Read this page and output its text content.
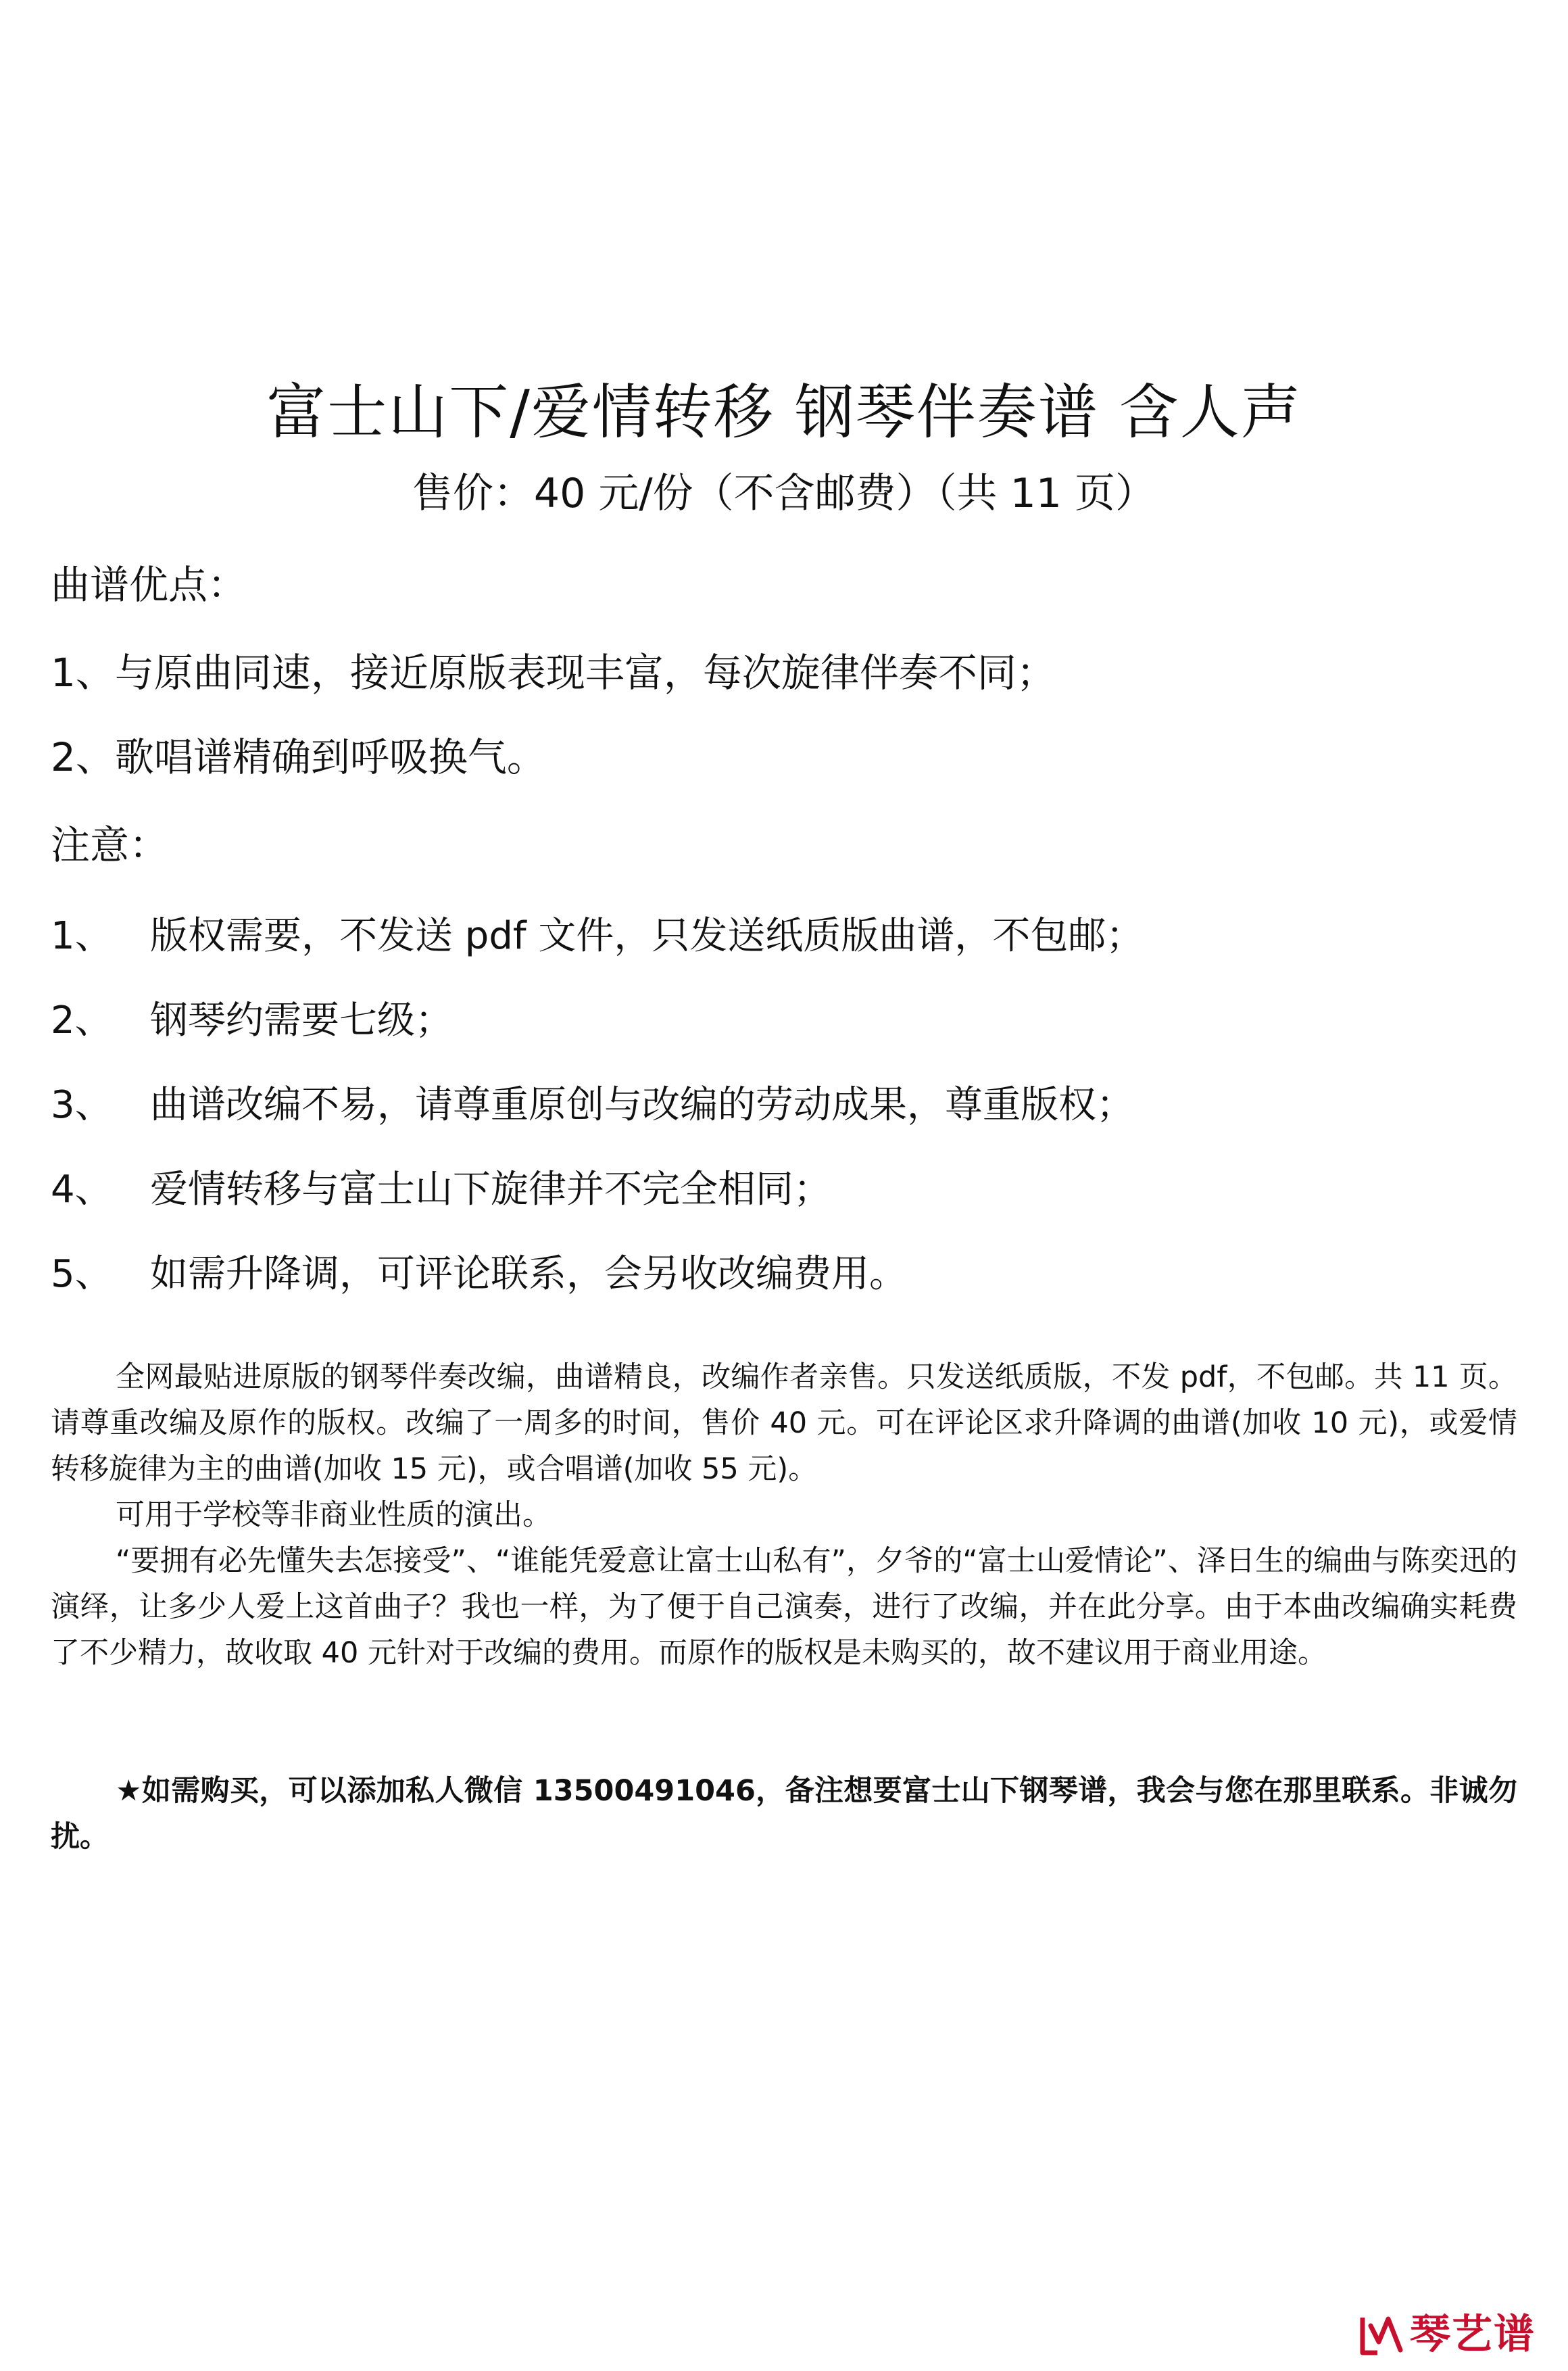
富士山下/爱情转移 钢琴伴奏谱 含人声

售价：40 元/份（不含邮费）（共 11 页）

曲谱优点：

1、与原曲同速，接近原版表现丰富，每次旋律伴奏不同；

2、歌唱谱精确到呼吸换气。

注意：

1、 版权需要，不发送 pdf 文件，只发送纸质版曲谱，不包邮；
2、 钢琴约需要七级；
3、 曲谱改编不易，请尊重原创与改编的劳动成果，尊重版权；
4、 爱情转移与富士山下旋律并不完全相同；
5、 如需升降调，可评论联系，会另收改编费用。

全网最贴进原版的钢琴伴奏改编，曲谱精良，改编作者亲售。只发送纸质版，不发 pdf，不包邮。共 11 页。请尊重改编及原作的版权。改编了一周多的时间，售价 40 元。可在评论区求升降调的曲谱(加收 10 元)，或爱情转移旋律为主的曲谱(加收 15 元)，或合唱谱(加收 55 元)。

可用于学校等非商业性质的演出。

“要拥有必先懂失去怎接受”、“谁能凭爱意让富士山私有”，夕爷的“富士山爱情论”、泽日生的编曲与陈奕迅的演绎，让多少人爱上这首曲子？我也一样，为了便于自己演奏，进行了改编，并在此分享。由于本曲改编确实耗费了不少精力，故收取 40 元针对于改编的费用。而原作的版权是未购买的，故不建议用于商业用途。

★如需购买，可以添加私人微信 13500491046，备注想要富士山下钢琴谱，我会与您在那里联系。非诚勿扰。

琴艺谱
